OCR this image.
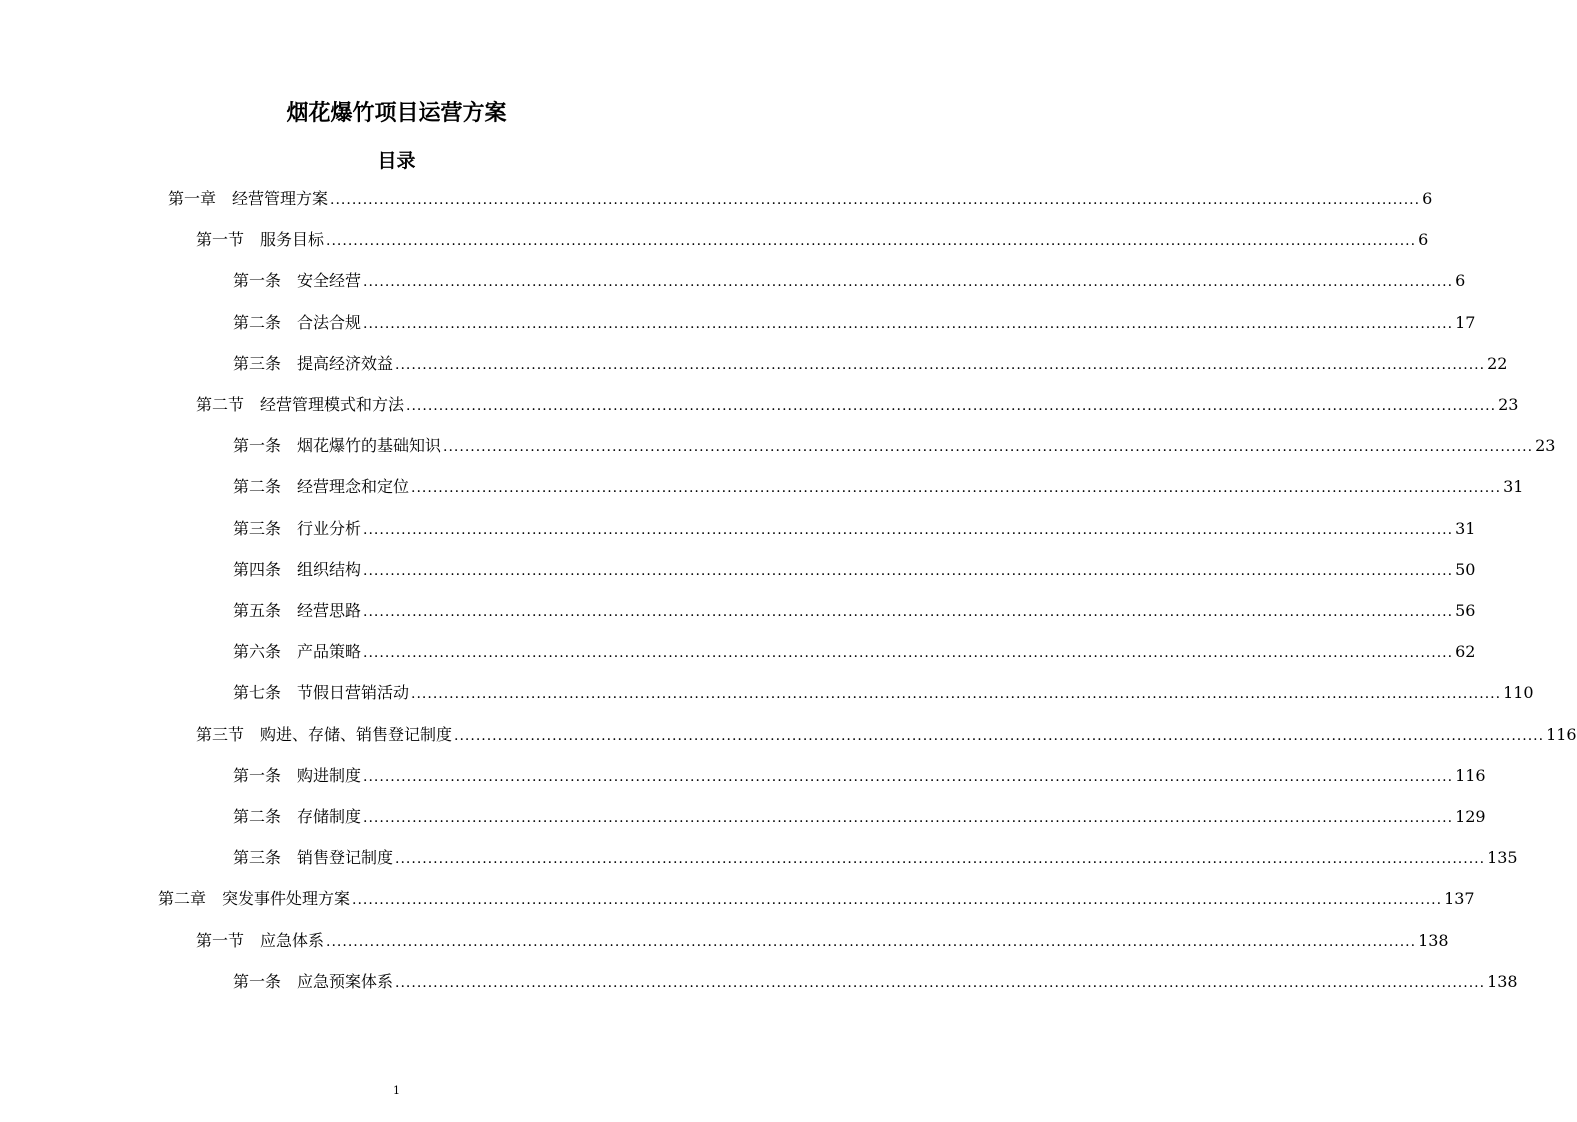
烟花爆竹项目运营方案
目录
第一章 经营管理方案 ........................................................................................................................................................................................................ 6
第一节 服务目标 ........................................................................................................................................................................................................ 6
第一条 安全经营 ........................................................................................................................................................................................................ 6
第二条 合法合规 ........................................................................................................................................................................................................ 17
第三条 提高经济效益 ........................................................................................................................................................................................................ 22
第二节 经营管理模式和方法 ........................................................................................................................................................................................................ 23
第一条 烟花爆竹的基础知识 ........................................................................................................................................................................................................ 23
第二条 经营理念和定位 ........................................................................................................................................................................................................ 31
第三条 行业分析 ........................................................................................................................................................................................................ 31
第四条 组织结构 ........................................................................................................................................................................................................ 50
第五条 经营思路 ........................................................................................................................................................................................................ 56
第六条 产品策略 ........................................................................................................................................................................................................ 62
第七条 节假日营销活动 ........................................................................................................................................................................................................ 110
第三节 购进、存储、销售登记制度 ........................................................................................................................................................................................................ 116
第一条 购进制度 ........................................................................................................................................................................................................ 116
第二条 存储制度 ........................................................................................................................................................................................................ 129
第三条 销售登记制度 ........................................................................................................................................................................................................ 135
第二章 突发事件处理方案 ........................................................................................................................................................................................................ 137
第一节 应急体系 ........................................................................................................................................................................................................ 138
第一条 应急预案体系 ........................................................................................................................................................................................................ 138
1
